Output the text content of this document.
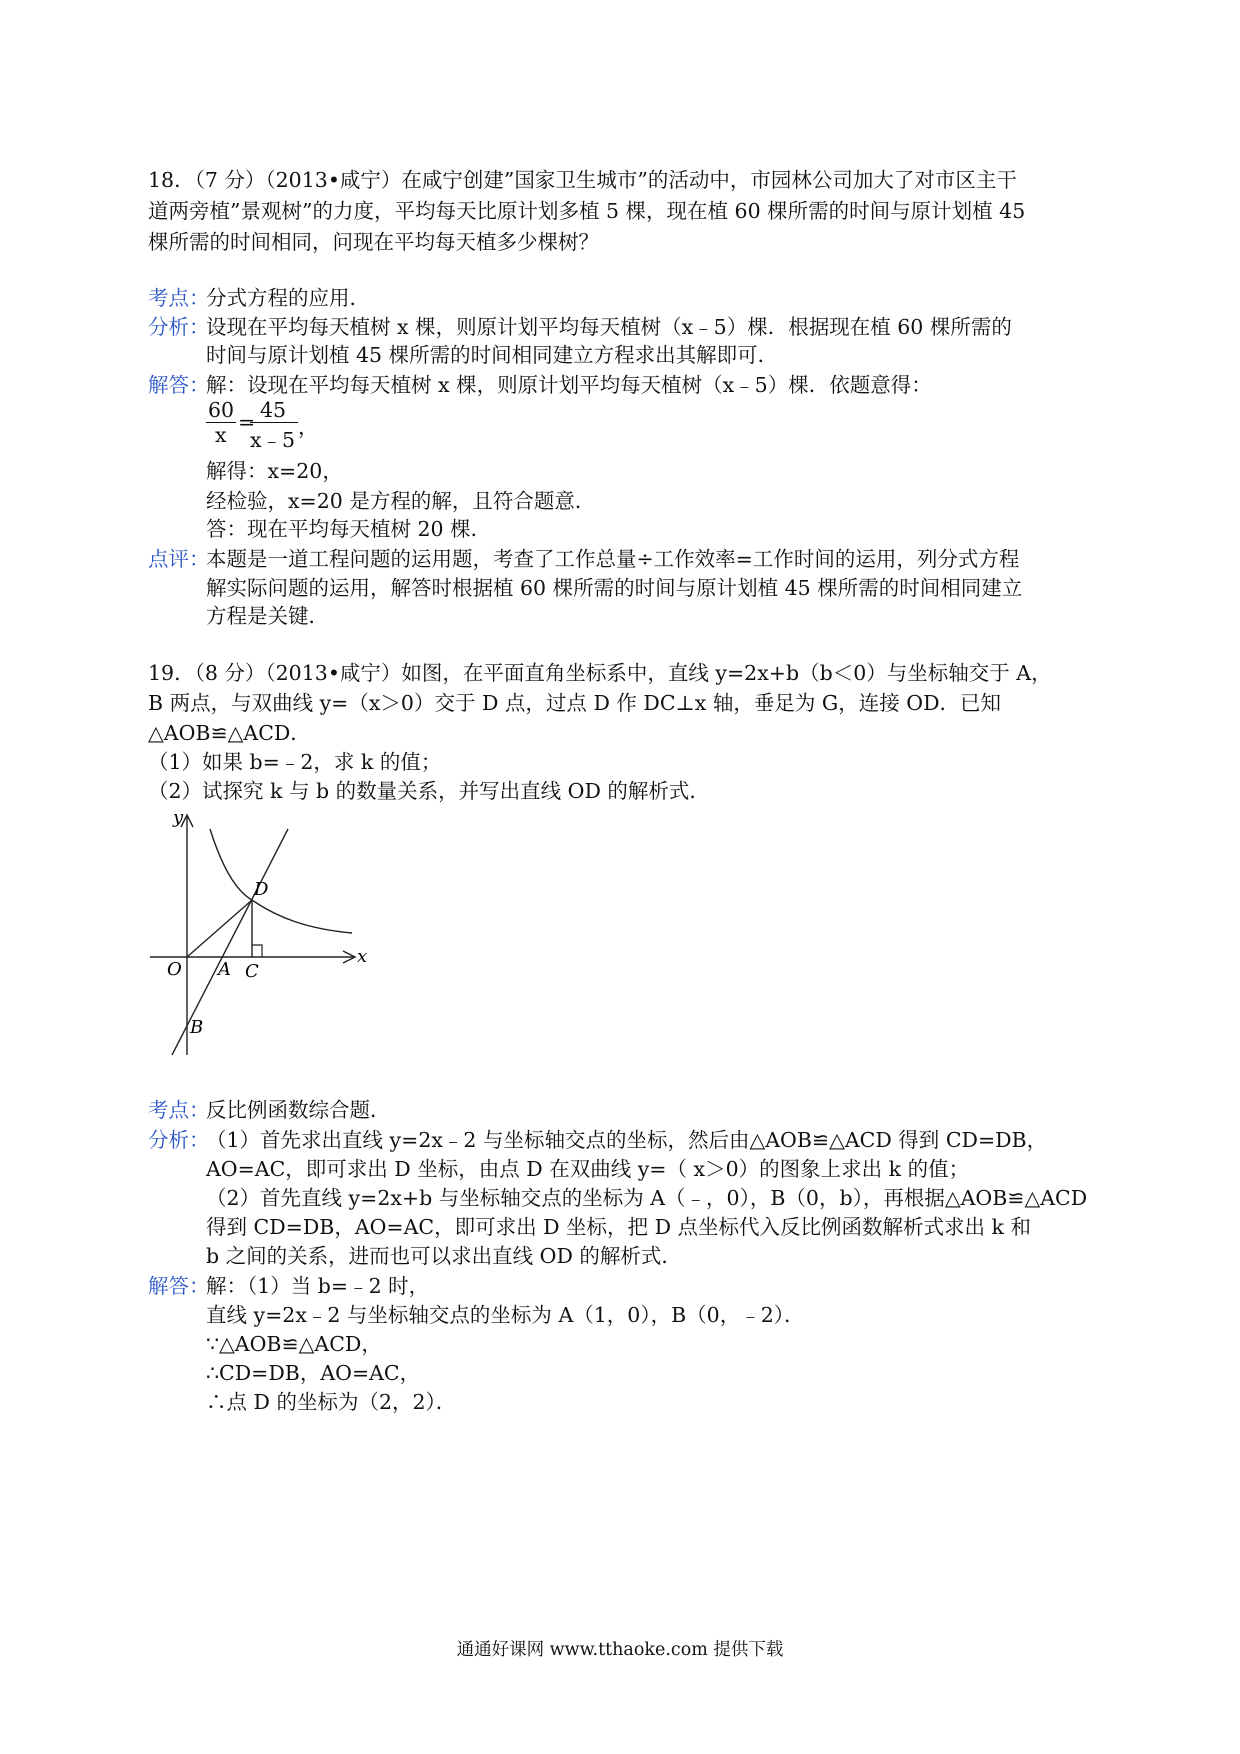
18．（7 分）（2013•咸宁）在咸宁创建”国家卫生城市”的活动中，市园林公司加大了对市区主干
道两旁植”景观树”的力度，平均每天比原计划多植 5 棵，现在植 60 棵所需的时间与原计划植 45
棵所需的时间相同，问现在平均每天植多少棵树？
考点：
分式方程的应用．
分析：
设现在平均每天植树 x 棵，则原计划平均每天植树（x﹣5）棵．根据现在植 60 棵所需的
时间与原计划植 45 棵所需的时间相同建立方程求出其解即可．
解答：
解：设现在平均每天植树 x 棵，则原计划平均每天植树（x﹣5）棵．依题意得：
60
x
= 45
x﹣5
，
解得：x=20，
经检验，x=20 是方程的解，且符合题意．
答：现在平均每天植树 20 棵．
点评：
本题是一道工程问题的运用题，考查了工作总量÷工作效率=工作时间的运用，列分式方程
解实际问题的运用，解答时根据植 60 棵所需的时间与原计划植 45 棵所需的时间相同建立
方程是关键．
19．（8 分）（2013•咸宁）如图，在平面直角坐标系中，直线 y=2x+b（b＜0）与坐标轴交于 A，
B 两点，与双曲线 y=（x＞0）交于 D 点，过点 D 作 DC⊥x 轴，垂足为 G，连接 OD．已知
△AOB≌△ACD．
（1）如果 b=﹣2，求 k 的值；
（2）试探究 k 与 b 的数量关系，并写出直线 OD 的解析式．
y
x
O A C
D
B
考点：
反比例函数综合题．
分析：
（1）首先求出直线 y=2x﹣2 与坐标轴交点的坐标，然后由△AOB≌△ACD 得到 CD=DB，
AO=AC，即可求出 D 坐标，由点 D 在双曲线 y=（ x＞0）的图象上求出 k 的值；
（2）首先直线 y=2x+b 与坐标轴交点的坐标为 A（﹣，0），B（0，b），再根据△AOB≌△ACD
得到 CD=DB，AO=AC，即可求出 D 坐标，把 D 点坐标代入反比例函数解析式求出 k 和
b 之间的关系，进而也可以求出直线 OD 的解析式．
解答：
解：（1）当 b=﹣2 时，
直线 y=2x﹣2 与坐标轴交点的坐标为 A（1，0），B（0，﹣2）．
∵△AOB≌△ACD，
∴CD=DB，AO=AC，
∴点 D 的坐标为（2，2）．
通通好课网 www.tthaoke.com 提供下载
